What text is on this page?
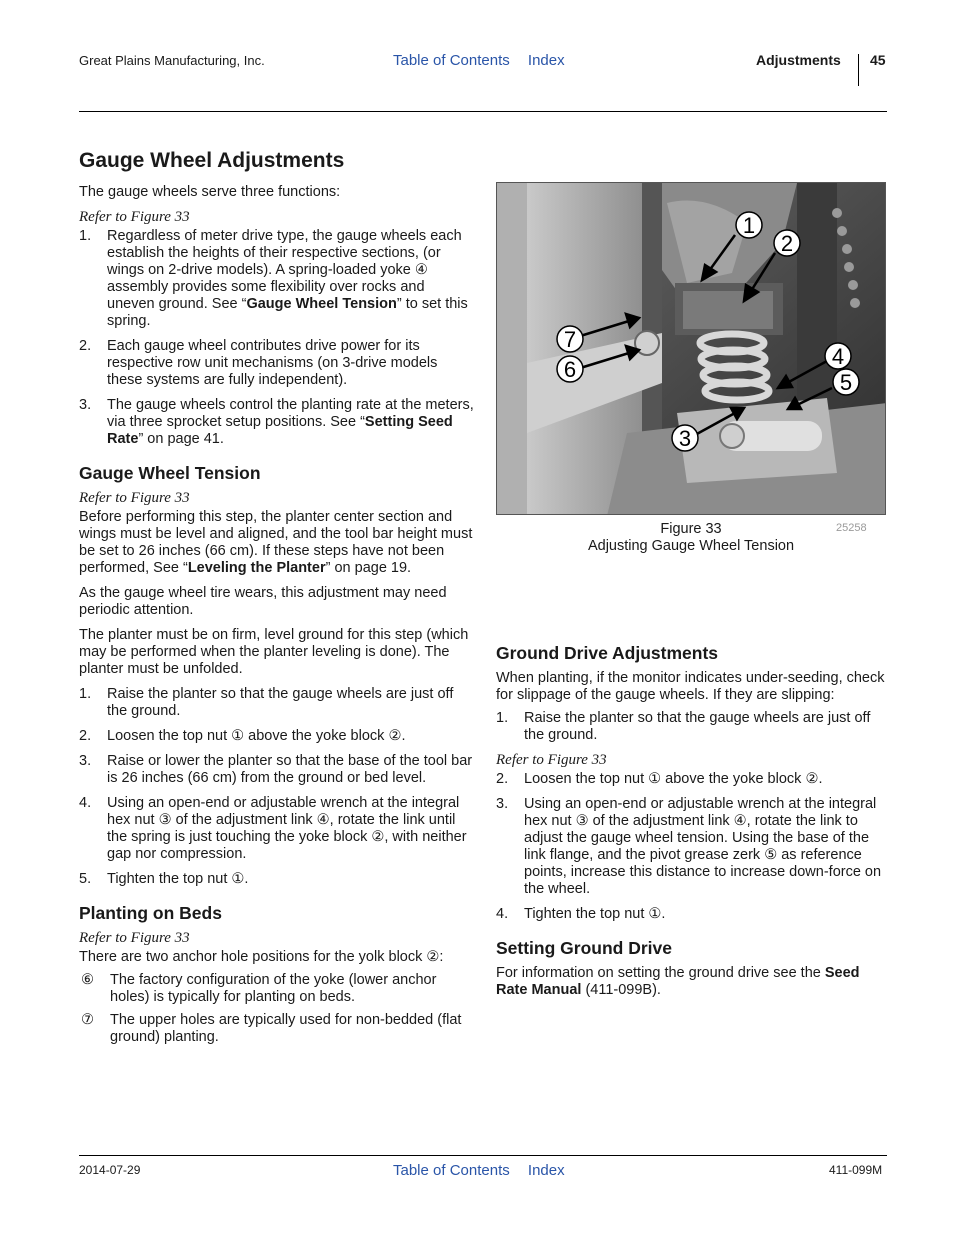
Great Plains Manufacturing, Inc.	Table of Contents Index	Adjustments 45
Gauge Wheel Adjustments

The gauge wheels serve three functions:

Refer to Figure 33
1.	Regardless of meter drive type, the gauge wheels each establish the heights of their respective sections, (or wings on 2-drive models). A spring-loaded yoke ④ assembly provides some flexibility over rocks and uneven ground. See “Gauge Wheel Tension” to set this spring.
2.	Each gauge wheel contributes drive power for its respective row unit mechanisms (on 3-drive models these systems are fully independent).
3.	The gauge wheels control the planting rate at the meters, via three sprocket setup positions. See “Setting Seed Rate” on page 41.
Gauge Wheel Tension
Refer to Figure 33

Before performing this step, the planter center section and wings must be level and aligned, and the tool bar height must be set to 26 inches (66 cm). If these steps have not been performed, See “Leveling the Planter” on page 19.

As the gauge wheel tire wears, this adjustment may need periodic attention.

The planter must be on firm, level ground for this step (which may be performed when the planter leveling is done). The planter must be unfolded.

1.	Raise the planter so that the gauge wheels are just off the ground.
2.	Loosen the top nut ① above the yoke block ②.
3.	Raise or lower the planter so that the base of the tool bar is 26 inches (66 cm) from the ground or bed level.
4.	Using an open-end or adjustable wrench at the integral hex nut ③ of the adjustment link ④, rotate the link until the spring is just touching the yoke block ②, with neither gap nor compression.
5.	Tighten the top nut ①.
Planting on Beds
Refer to Figure 33

There are two anchor hole positions for the yolk block ②:

⑥	The factory configuration of the yoke (lower anchor holes) is typically for planting on beds.
⑦	The upper holes are typically used for non-bedded (flat ground) planting.
1
2
7
6
4
5
3
Figure 33
Adjusting Gauge Wheel Tension
25258
Ground Drive Adjustments

When planting, if the monitor indicates under-seeding, check for slippage of the gauge wheels. If they are slipping:

1.	Raise the planter so that the gauge wheels are just off the ground.
Refer to Figure 33
2.	Loosen the top nut ① above the yoke block ②.
3.	Using an open-end or adjustable wrench at the integral hex nut ③ of the adjustment link ④, rotate the link to adjust the gauge wheel tension. Using the base of the link flange, and the pivot grease zerk ⑤ as reference points, increase this distance to increase down-force on the wheel.
4.	Tighten the top nut ①.
Setting Ground Drive

For information on setting the ground drive see the Seed Rate Manual (411-099B).

2014-07-29	Table of Contents Index	411-099M
